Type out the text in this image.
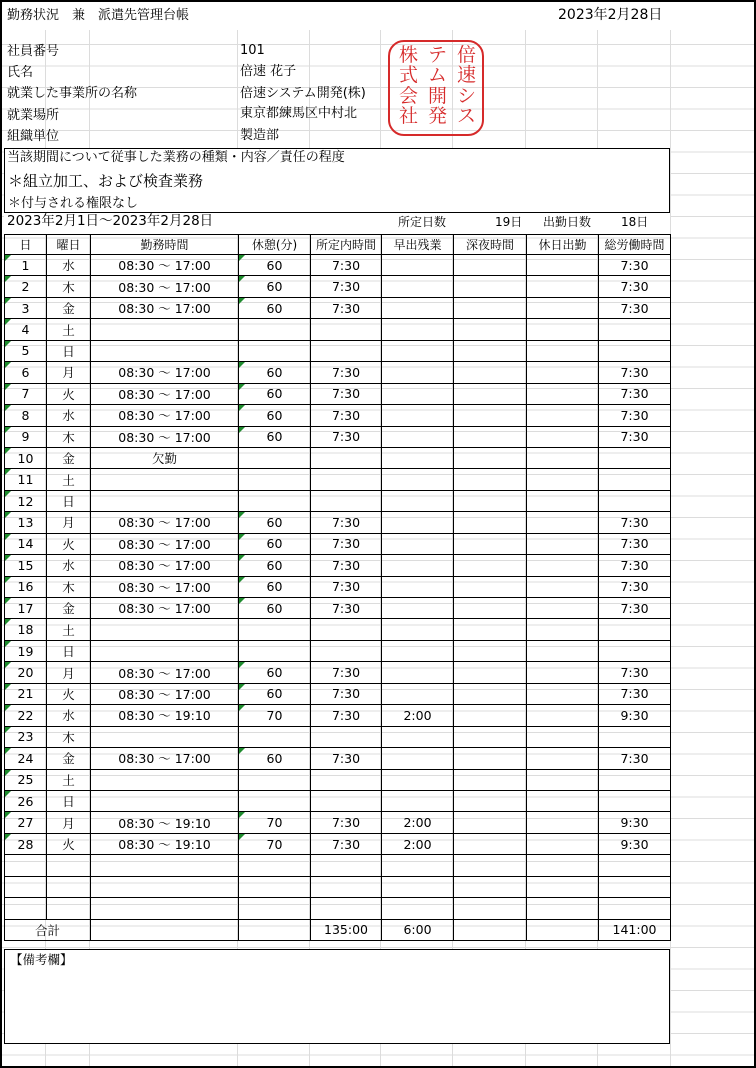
勤務状況　兼　派遣先管理台帳	2023年2月28日
社員番号	101
氏名	倍速 花子
就業した事業所の名称	倍速システム開発(株)
就業場所	東京都練馬区中村北
組織単位	製造部
倍
速
シ
ス
テ
ム
開
発
株
式
会
社
当該期間について従事した業務の種類・内容／責任の程度
＊組立加工、および検査業務
＊付与される権限なし
2023年2月1日～2023年2月28日	所定日数	19日 出勤日数 18日
日	曜日	勤務時間	休憩(分)	所定内時間	早出残業	深夜時間	休日出勤	総労働時間
1	水	08:30 ～ 17:00	60	7:30				7:30
2	木	08:30 ～ 17:00	60	7:30				7:30
3	金	08:30 ～ 17:00	60	7:30				7:30
4	土							
5	日							
6	月	08:30 ～ 17:00	60	7:30				7:30
7	火	08:30 ～ 17:00	60	7:30				7:30
8	水	08:30 ～ 17:00	60	7:30				7:30
9	木	08:30 ～ 17:00	60	7:30				7:30
10	金	欠勤						
11	土							
12	日							
13	月	08:30 ～ 17:00	60	7:30				7:30
14	火	08:30 ～ 17:00	60	7:30				7:30
15	水	08:30 ～ 17:00	60	7:30				7:30
16	木	08:30 ～ 17:00	60	7:30				7:30
17	金	08:30 ～ 17:00	60	7:30				7:30
18	土							
19	日							
20	月	08:30 ～ 17:00	60	7:30				7:30
21	火	08:30 ～ 17:00	60	7:30				7:30
22	水	08:30 ～ 19:10	70	7:30	2:00			9:30
23	木							
24	金	08:30 ～ 17:00	60	7:30				7:30
25	土							
26	日							
27	月	08:30 ～ 19:10	70	7:30	2:00			9:30
28	火	08:30 ～ 19:10	70	7:30	2:00			9:30

合計				135:00	6:00			141:00
【備考欄】
